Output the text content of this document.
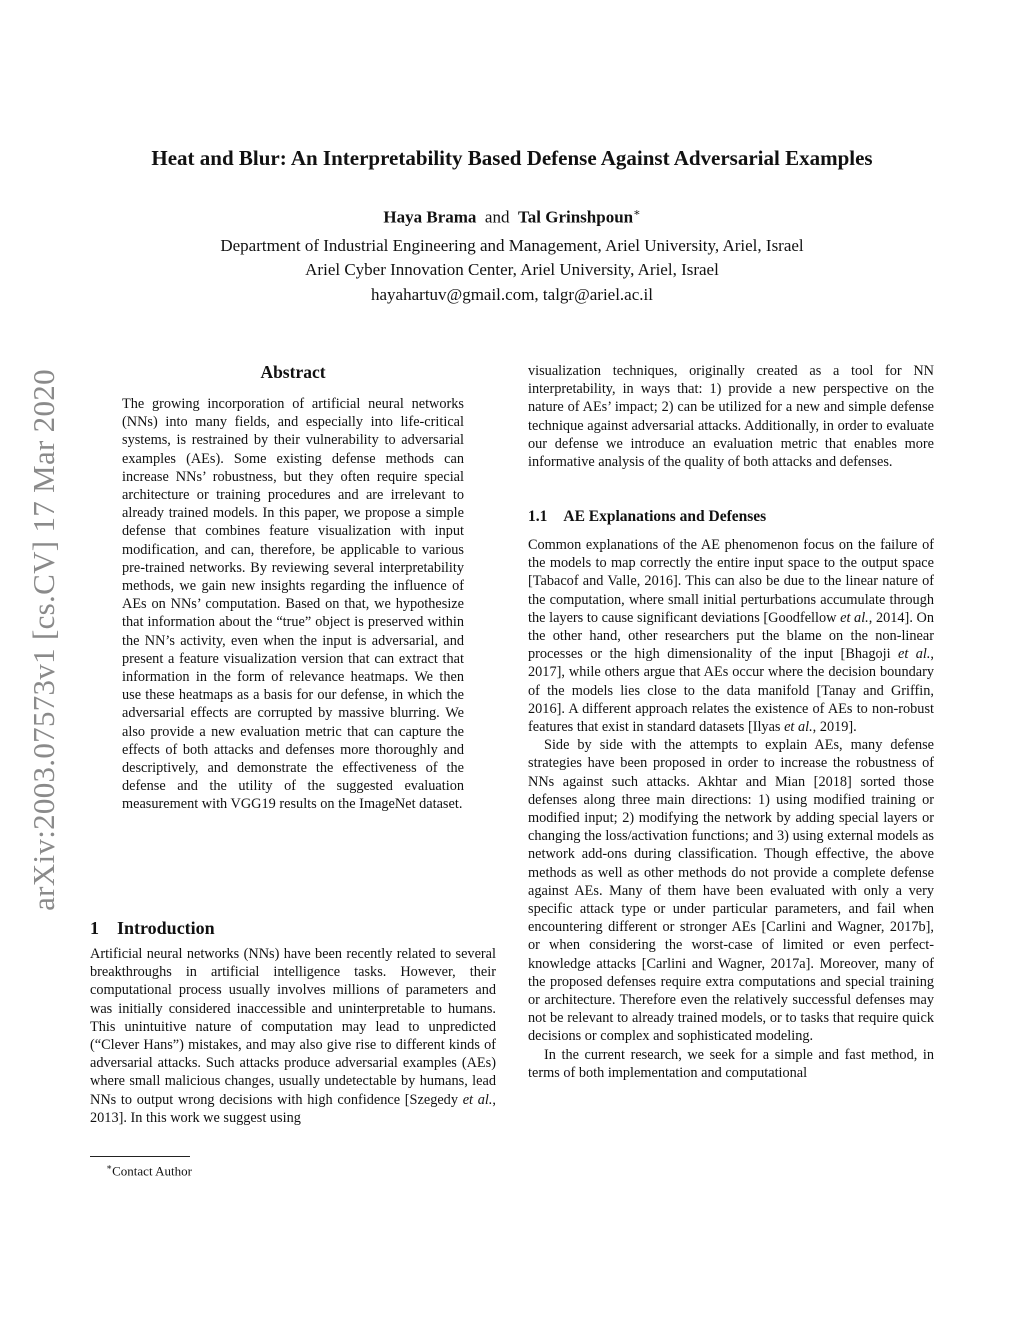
arXiv:2003.07573v1 [cs.CV] 17 Mar 2020
Heat and Blur: An Interpretability Based Defense Against Adversarial Examples
Haya Brama and Tal Grinshpoun∗
Department of Industrial Engineering and Management, Ariel University, Ariel, Israel
Ariel Cyber Innovation Center, Ariel University, Ariel, Israel
hayahartuv@gmail.com, talgr@ariel.ac.il
Abstract

The growing incorporation of artificial neural networks (NNs) into many fields, and especially into life-critical systems, is restrained by their vulnerability to adversarial examples (AEs). Some existing defense methods can increase NNs’ robustness, but they often require special architecture or training procedures and are irrelevant to already trained models. In this paper, we propose a simple defense that combines feature visualization with input modification, and can, therefore, be applicable to various pre-trained networks. By reviewing several interpretability methods, we gain new insights regarding the influence of AEs on NNs’ computation. Based on that, we hypothesize that information about the “true” object is preserved within the NN’s activity, even when the input is adversarial, and present a feature visualization version that can extract that information in the form of relevance heatmaps. We then use these heatmaps as a basis for our defense, in which the adversarial effects are corrupted by massive blurring. We also provide a new evaluation metric that can capture the effects of both attacks and defenses more thoroughly and descriptively, and demonstrate the effectiveness of the defense and the utility of the suggested evaluation measurement with VGG19 results on the ImageNet dataset.

1 Introduction

Artificial neural networks (NNs) have been recently related to several breakthroughs in artificial intelligence tasks. However, their computational process usually involves millions of parameters and was initially considered inaccessible and uninterpretable to humans. This unintuitive nature of computation may lead to unpredicted (“Clever Hans”) mistakes, and may also give rise to different kinds of adversarial attacks. Such attacks produce adversarial examples (AEs) where small malicious changes, usually undetectable by humans, lead NNs to output wrong decisions with high confidence [Szegedy et al., 2013]. In this work we suggest using

∗Contact Author

visualization techniques, originally created as a tool for NN interpretability, in ways that: 1) provide a new perspective on the nature of AEs’ impact; 2) can be utilized for a new and simple defense technique against adversarial attacks. Additionally, in order to evaluate our defense we introduce an evaluation metric that enables more informative analysis of the quality of both attacks and defenses.

1.1 AE Explanations and Defenses

Common explanations of the AE phenomenon focus on the failure of the models to map correctly the entire input space to the output space [Tabacof and Valle, 2016]. This can also be due to the linear nature of the computation, where small initial perturbations accumulate through the layers to cause significant deviations [Goodfellow et al., 2014]. On the other hand, other researchers put the blame on the non-linear processes or the high dimensionality of the input [Bhagoji et al., 2017], while others argue that AEs occur where the decision boundary of the models lies close to the data manifold [Tanay and Griffin, 2016]. A different approach relates the existence of AEs to non-robust features that exist in standard datasets [Ilyas et al., 2019].

Side by side with the attempts to explain AEs, many defense strategies have been proposed in order to increase the robustness of NNs against such attacks. Akhtar and Mian [2018] sorted those defenses along three main directions: 1) using modified training or modified input; 2) modifying the network by adding special layers or changing the loss/activation functions; and 3) using external models as network add-ons during classification. Though effective, the above methods as well as other methods do not provide a complete defense against AEs. Many of them have been evaluated with only a very specific attack type or under particular parameters, and fail when encountering different or stronger AEs [Carlini and Wagner, 2017b], or when considering the worst-case of limited or even perfect-knowledge attacks [Carlini and Wagner, 2017a]. Moreover, many of the proposed defenses require extra computations and special training or architecture. Therefore even the relatively successful defenses may not be relevant to already trained models, or to tasks that require quick decisions or complex and sophisticated modeling.

In the current research, we seek for a simple and fast method, in terms of both implementation and computational
